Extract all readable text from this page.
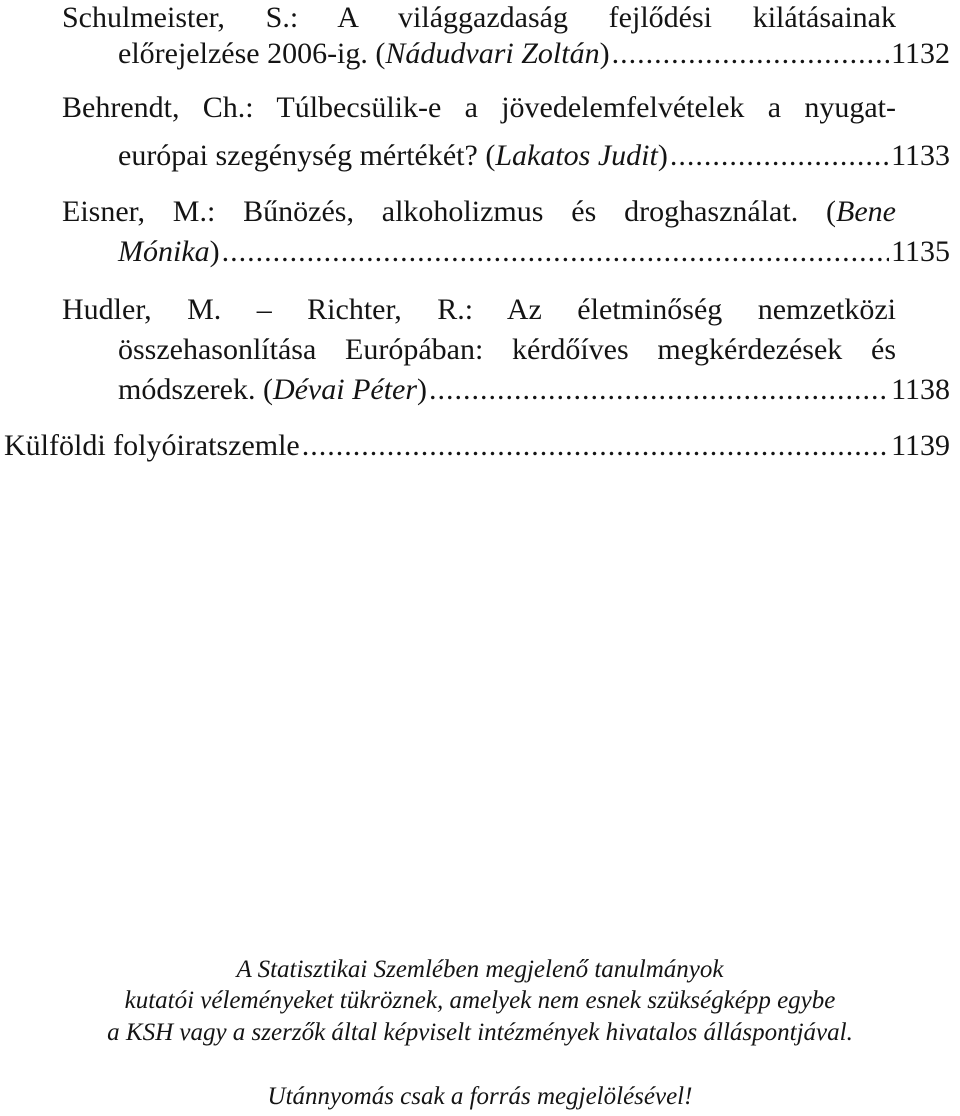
Schulmeister, S.: A világgazdaság fejlődési kilátásainak
előrejelzése 2006-ig. (Nádudvari Zoltán) .....	1132
Behrendt, Ch.: Túlbecsülik-e a jövedelemfelvételek a nyugat-
európai szegénység mértékét? (Lakatos Judit) .....	1133
Eisner, M.: Bűnözés, alkoholizmus és droghasználat. (Bene
Mónika) .....	1135
Hudler, M. – Richter, R.: Az életminőség nemzetközi
összehasonlítása Európában: kérdőíves megkérdezések és
módszerek. (Dévai Péter) .....	1138
Külföldi folyóiratszemle .....	1139
A Statisztikai Szemlében megjelenő tanulmányok
kutatói véleményeket tükröznek, amelyek nem esnek szükségképp egybe
a KSH vagy a szerzők által képviselt intézmények hivatalos álláspontjával.
Utánnyomás csak a forrás megjelölésével!
